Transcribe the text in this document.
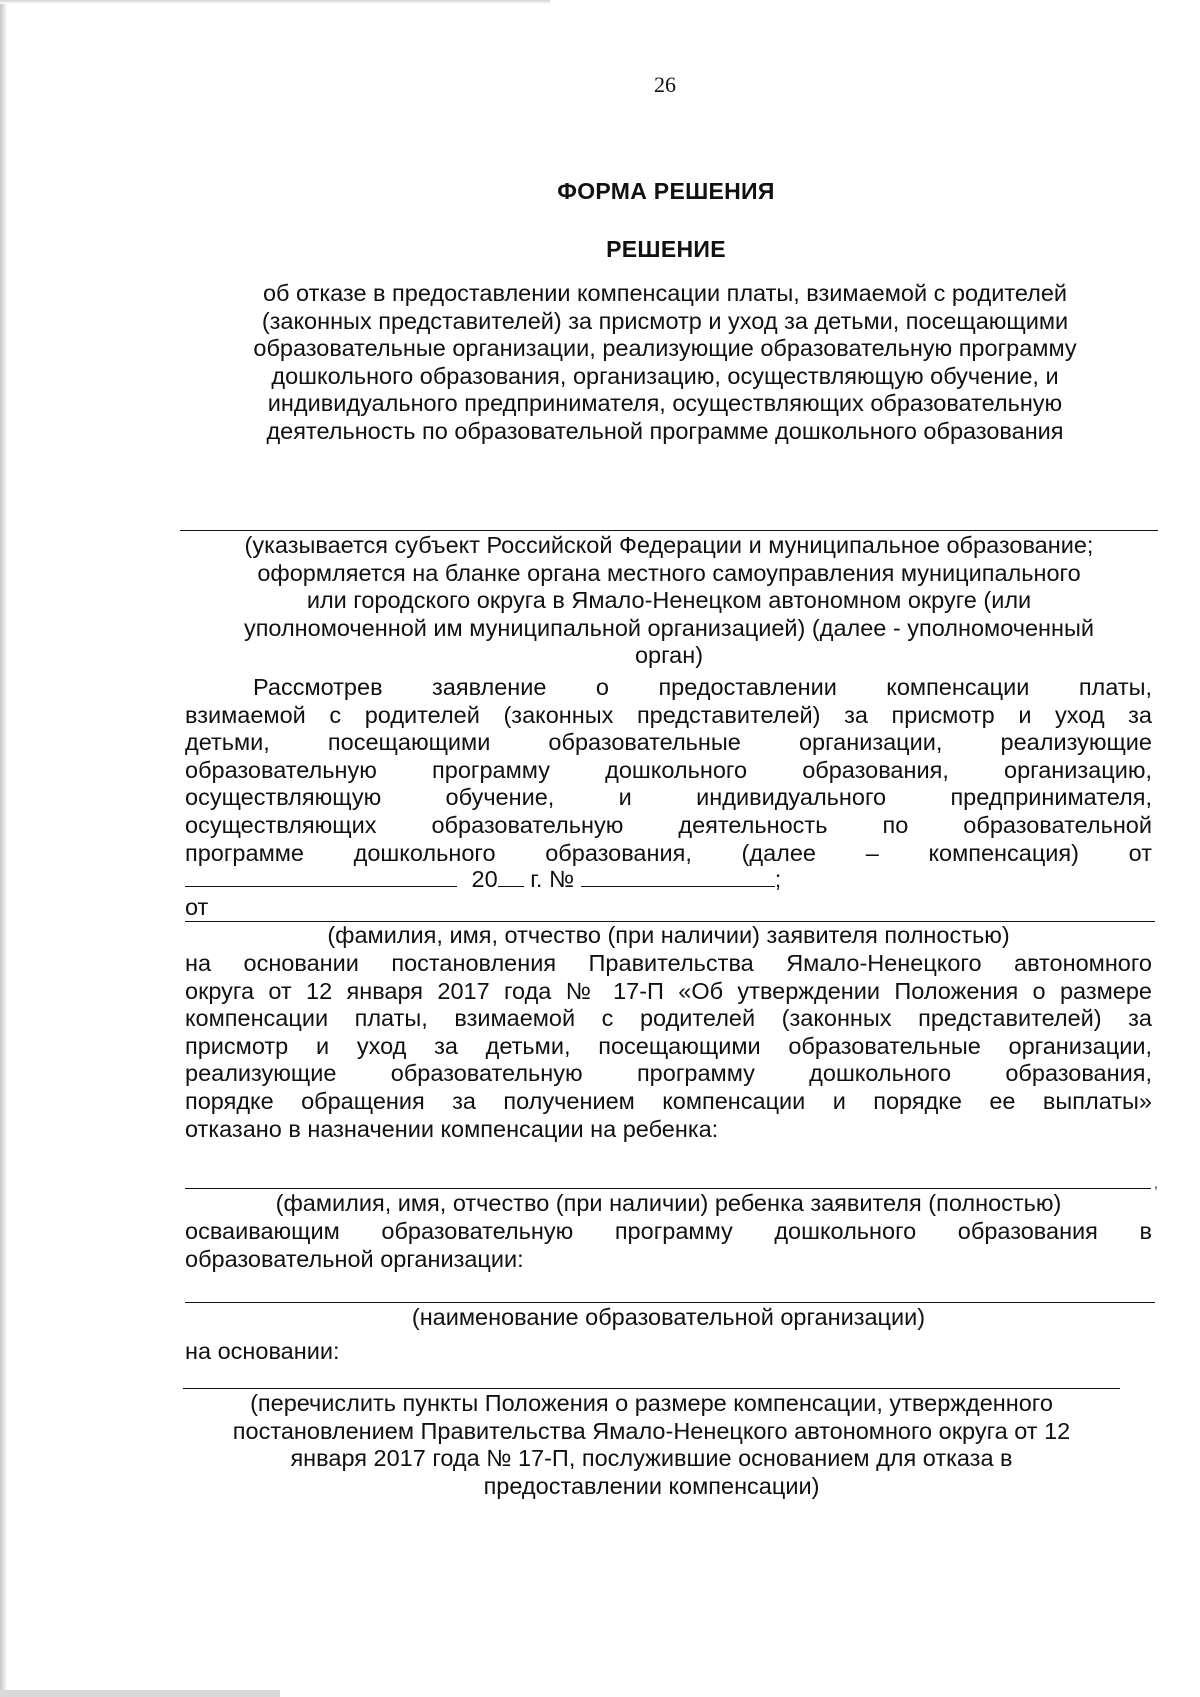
26
ФОРМА РЕШЕНИЯ
РЕШЕНИЕ
об отказе в предоставлении компенсации платы, взимаемой с родителей
(законных представителей) за присмотр и уход за детьми, посещающими
образовательные организации, реализующие образовательную программу
дошкольного образования, организацию, осуществляющую обучение, и
индивидуального предпринимателя, осуществляющих образовательную
деятельность по образовательной программе дошкольного образования
(указывается субъект Российской Федерации и муниципальное образование;
оформляется на бланке органа местного самоуправления муниципального
или городского округа в Ямало-Ненецком автономном округе (или
уполномоченной им муниципальной организацией) (далее - уполномоченный
орган)

Рассмотрев заявление о предоставлении компенсации платы,

взимаемой с родителей (законных представителей) за присмотр и уход за

детьми, посещающими образовательные организации, реализующие

образовательную программу дошкольного образования, организацию,

осуществляющую обучение, и индивидуального предпринимателя,

осуществляющих образовательную деятельность по образовательной

программе дошкольного образования, (далее – компенсация) от

20 г. №	;
от
(фамилия, имя, отчество (при наличии) заявителя полностью)

на основании постановления Правительства Ямало-Ненецкого автономного

округа от 12 января 2017 года № 17-П «Об утверждении Положения о размере

компенсации платы, взимаемой с родителей (законных представителей) за

присмотр и уход за детьми, посещающими образовательные организации,

реализующие образовательную программу дошкольного образования,

порядке обращения за получением компенсации и порядке ее выплаты»

отказано в назначении компенсации на ребенка:

,
(фамилия, имя, отчество (при наличии) ребенка заявителя (полностью)

осваивающим образовательную программу дошкольного образования в

образовательной организации:

(наименование образовательной организации)
на основании:
(перечислить пункты Положения о размере компенсации, утвержденного
постановлением Правительства Ямало-Ненецкого автономного округа от 12
января 2017 года № 17-П, послужившие основанием для отказа в
предоставлении компенсации)
